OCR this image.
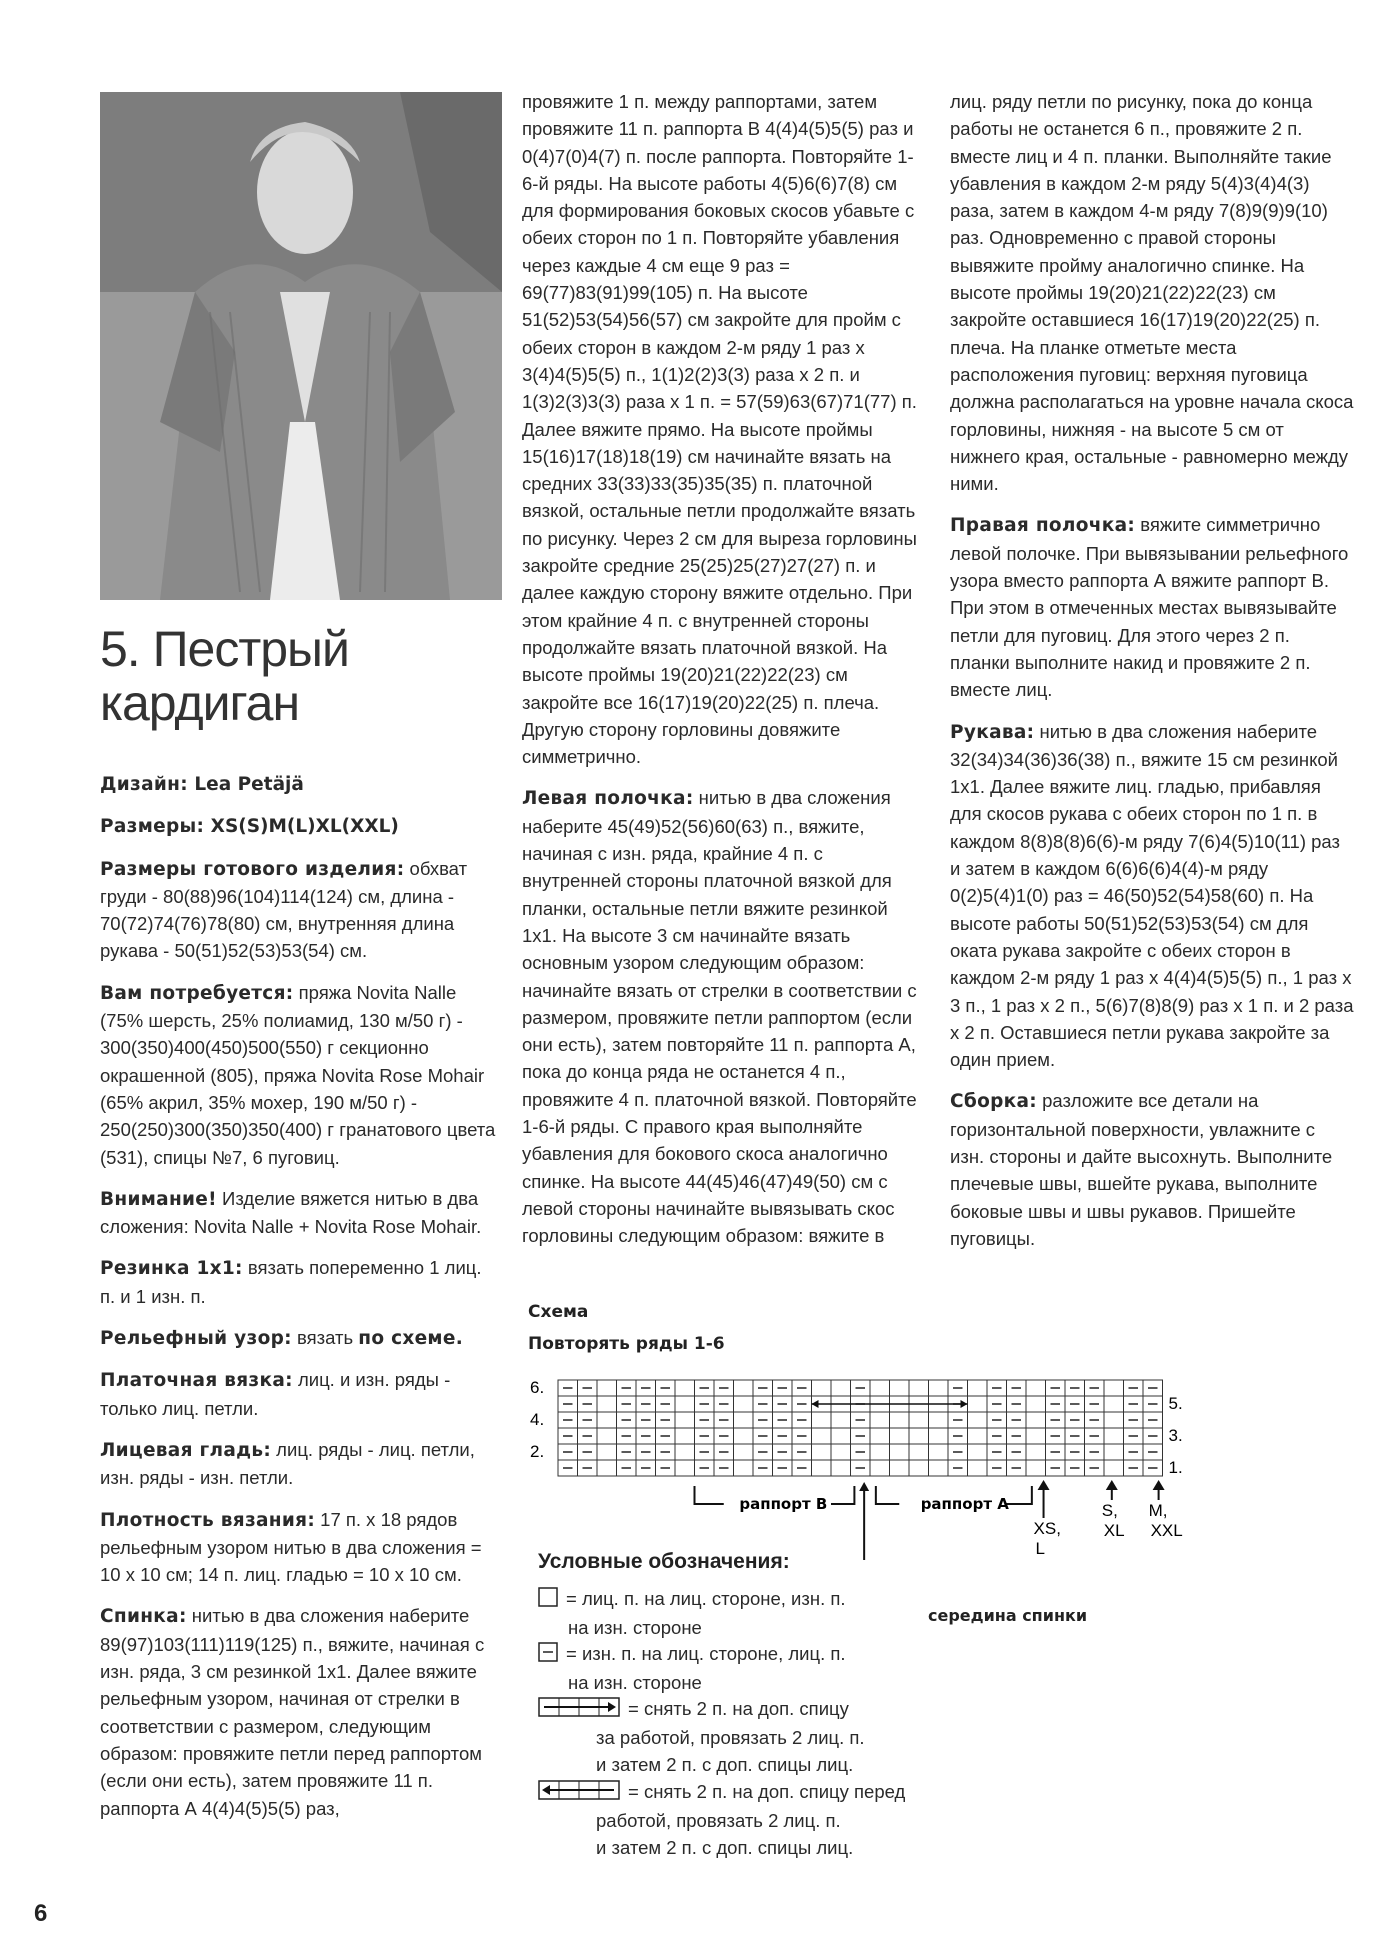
5. Пестрый
кардиган

Дизайн: Lea Petäjä

Размеры: XS(S)M(L)XL(XXL)

Размеры готового изделия: обхват груди - 80(88)96(104)114(124) см, длина - 70(72)74(76)78(80) см, внутренняя длина рукава - 50(51)52(53)53(54) см.

Вам потребуется: пряжа Novita Nalle (75% шерсть, 25% полиамид, 130 м/50 г) - 300(350)400(450)500(550) г секционно окрашенной (805), пряжа Novita Rose Mohair (65% акрил, 35% мохер, 190 м/50 г) - 250(250)300(350)350(400) г гранатового цвета (531), спицы №7, 6 пуговиц.

Внимание! Изделие вяжется нитью в два сложения: Novita Nalle + Novita Rose Mohair.

Резинка 1x1: вязать попеременно 1 лиц. п. и 1 изн. п.

Рельефный узор: вязать по схеме.

Платочная вязка: лиц. и изн. ряды - только лиц. петли.

Лицевая гладь: лиц. ряды - лиц. петли, изн. ряды - изн. петли.

Плотность вязания: 17 п. x 18 рядов рельефным узором нитью в два сложения = 10 x 10 см; 14 п. лиц. гладью = 10 x 10 см.

Спинка: нитью в два сложения наберите 89(97)103(111)119(125) п., вяжите, начиная с изн. ряда, 3 см резинкой 1x1. Далее вяжите рельефным узором, начиная от стрелки в соответствии с размером, следующим образом: провяжите петли перед раппортом (если они есть), затем провяжите 11 п. раппорта А 4(4)4(5)5(5) раз,

провяжите 1 п. между раппортами, затем провяжите 11 п. раппорта В 4(4)4(5)5(5) раз и 0(4)7(0)4(7) п. после раппорта. Повторяйте 1-6-й ряды. На высоте работы 4(5)6(6)7(8) см для формирования боковых скосов убавьте с обеих сторон по 1 п. Повторяйте убавления через каждые 4 см еще 9 раз = 69(77)83(91)99(105) п. На высоте 51(52)53(54)56(57) см закройте для пройм с обеих сторон в каждом 2-м ряду 1 раз x 3(4)4(5)5(5) п., 1(1)2(2)3(3) раза x 2 п. и 1(3)2(3)3(3) раза x 1 п. = 57(59)63(67)71(77) п. Далее вяжите прямо. На высоте проймы 15(16)17(18)18(19) см начинайте вязать на средних 33(33)33(35)35(35) п. платочной вязкой, остальные петли продолжайте вязать по рисунку. Через 2 см для выреза горловины закройте средние 25(25)25(27)27(27) п. и далее каждую сторону вяжите отдельно. При этом крайние 4 п. с внутренней стороны продолжайте вязать платочной вязкой. На высоте проймы 19(20)21(22)22(23) см закройте все 16(17)19(20)22(25) п. плеча. Другую сторону горловины довяжите симметрично.

Левая полочка: нитью в два сложения наберите 45(49)52(56)60(63) п., вяжите, начиная с изн. ряда, крайние 4 п. с внутренней стороны платочной вязкой для планки, остальные петли вяжите резинкой 1x1. На высоте 3 см начинайте вязать основным узором следующим образом: начинайте вязать от стрелки в соответствии с размером, провяжите петли раппортом (если они есть), затем повторяйте 11 п. раппорта А, пока до конца ряда не останется 4 п., провяжите 4 п. платочной вязкой. Повторяйте 1-6-й ряды. С правого края выполняйте убавления для бокового скоса аналогично спинке. На высоте 44(45)46(47)49(50) см с левой стороны начинайте вывязывать скос горловины следующим образом: вяжите в

лиц. ряду петли по рисунку, пока до конца работы не останется 6 п., провяжите 2 п. вместе лиц и 4 п. планки. Выполняйте такие убавления в каждом 2-м ряду 5(4)3(4)4(3) раза, затем в каждом 4-м ряду 7(8)9(9)9(10) раз. Одновременно с правой стороны вывяжите пройму аналогично спинке. На высоте проймы 19(20)21(22)22(23) см закройте оставшиеся 16(17)19(20)22(25) п. плеча. На планке отметьте места расположения пуговиц: верхняя пуговица должна располагаться на уровне начала скоса горловины, нижняя - на высоте 5 см от нижнего края, остальные - равномерно между ними.

Правая полочка: вяжите симметрично левой полочке. При вывязывании рельефного узора вместо раппорта А вяжите раппорт В. При этом в отмеченных местах вывязывайте петли для пуговиц. Для этого через 2 п. планки выполните накид и провяжите 2 п. вместе лиц.

Рукава: нитью в два сложения наберите 32(34)34(36)36(38) п., вяжите 15 см резинкой 1x1. Далее вяжите лиц. гладью, прибавляя для скосов рукава с обеих сторон по 1 п. в каждом 8(8)8(8)6(6)-м ряду 7(6)4(5)10(11) раз и затем в каждом 6(6)6(6)4(4)-м ряду 0(2)5(4)1(0) раз = 46(50)52(54)58(60) п. На высоте работы 50(51)52(53)53(54) см для оката рукава закройте с обеих сторон в каждом 2-м ряду 1 раз x 4(4)4(5)5(5) п., 1 раз x 3 п., 1 раз x 2 п., 5(6)7(8)8(9) раз x 1 п. и 2 раза x 2 п. Оставшиеся петли рукава закройте за один прием.

Сборка: разложите все детали на горизонтальной поверхности, увлажните с изн. стороны и дайте высохнуть. Выполните плечевые швы, вшейте рукава, выполните боковые швы и швы рукавов. Пришейте пуговицы.

Схема
Повторять ряды 1-6
6.
4.
2.
5.
3.
1.
раппорт В	раппорт А
XS,
L
S,
XL
M,
XXL
середина спинки
Условные обозначения:
= лиц. п. на лиц. стороне, изн. п.
на изн. стороне
= изн. п. на лиц. стороне, лиц. п.
на изн. стороне
= снять 2 п. на доп. спицу
за работой, провязать 2 лиц. п.
и затем 2 п. с доп. спицы лиц.
= снять 2 п. на доп. спицу перед
работой, провязать 2 лиц. п.
и затем 2 п. с доп. спицы лиц.
6
